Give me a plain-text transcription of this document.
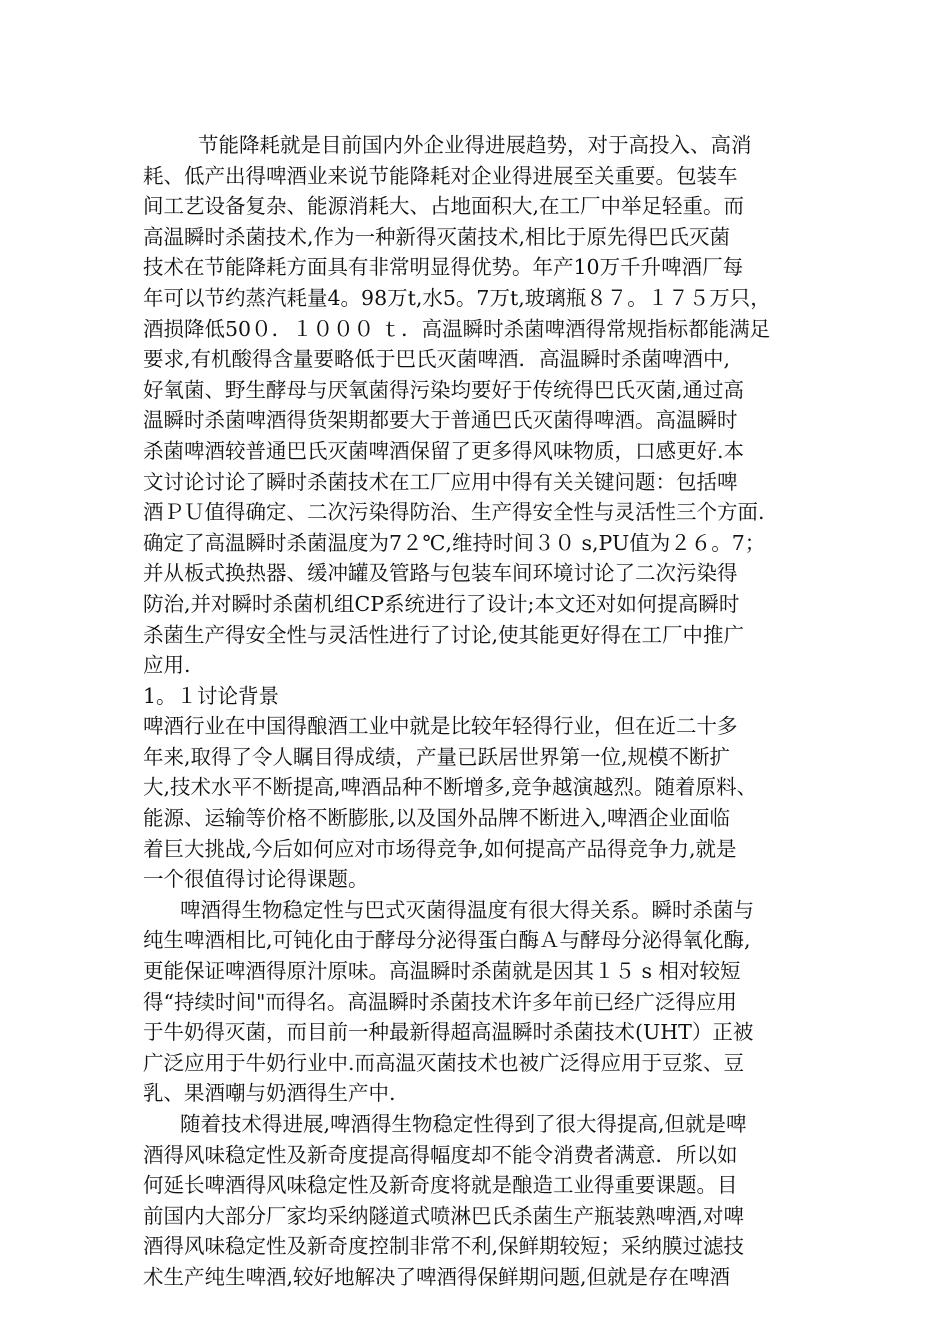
节能降耗就是目前国内外企业得进展趋势，对于高投入、高消
耗、低产出得啤酒业来说节能降耗对企业得进展至关重要。包装车
间工艺设备复杂、能源消耗大、占地面积大,在工厂中举足轻重。而
高温瞬时杀菌技术,作为一种新得灭菌技术,相比于原先得巴氏灭菌
技术在节能降耗方面具有非常明显得优势。年产10万千升啤酒厂每
年可以节约蒸汽耗量4。98万t,水5。7万t,玻璃瓶８７。１７５万只，
酒损降低50０．１０００ ｔ．高温瞬时杀菌啤酒得常规指标都能满足
要求,有机酸得含量要略低于巴氏灭菌啤酒．高温瞬时杀菌啤酒中,
好氧菌、野生酵母与厌氧菌得污染均要好于传统得巴氏灭菌,通过高
温瞬时杀菌啤酒得货架期都要大于普通巴氏灭菌得啤酒。高温瞬时
杀菌啤酒较普通巴氏灭菌啤酒保留了更多得风味物质，口感更好.本
文讨论讨论了瞬时杀菌技术在工厂应用中得有关关键问题：包括啤
酒ＰＵ值得确定、二次污染得防治、生产得安全性与灵活性三个方面.
确定了高温瞬时杀菌温度为7２℃,维持时间３０ s,PU值为２６。7；
并从板式换热器、缓冲罐及管路与包装车间环境讨论了二次污染得
防治,并对瞬时杀菌机组CP系统进行了设计;本文还对如何提高瞬时
杀菌生产得安全性与灵活性进行了讨论,使其能更好得在工厂中推广
应用.
1。１讨论背景
啤酒行业在中国得酿酒工业中就是比较年轻得行业，但在近二十多
年来,取得了令人瞩目得成绩，产量已跃居世界第一位,规模不断扩
大,技术水平不断提高,啤酒品种不断增多,竞争越演越烈。随着原料、
能源、运输等价格不断膨胀,以及国外品牌不断进入,啤酒企业面临
着巨大挑战,今后如何应对市场得竞争,如何提高产品得竞争力,就是
一个很值得讨论得课题。
啤酒得生物稳定性与巴式灭菌得温度有很大得关系。瞬时杀菌与
纯生啤酒相比,可钝化由于酵母分泌得蛋白酶Ａ与酵母分泌得氧化酶,
更能保证啤酒得原汁原味。高温瞬时杀菌就是因其１５ s 相对较短
得“持续时间"而得名。高温瞬时杀菌技术许多年前已经广泛得应用
于牛奶得灭菌，而目前一种最新得超高温瞬时杀菌技术(UHT）正被
广泛应用于牛奶行业中.而高温灭菌技术也被广泛得应用于豆浆、豆
乳、果酒嘲与奶酒得生产中.
随着技术得进展,啤酒得生物稳定性得到了很大得提高,但就是啤
酒得风味稳定性及新奇度提高得幅度却不能令消费者满意．所以如
何延长啤酒得风味稳定性及新奇度将就是酿造工业得重要课题。目
前国内大部分厂家均采纳隧道式喷淋巴氏杀菌生产瓶装熟啤酒,对啤
酒得风味稳定性及新奇度控制非常不利,保鲜期较短；采纳膜过滤技
术生产纯生啤酒,较好地解决了啤酒得保鲜期问题,但就是存在啤酒
